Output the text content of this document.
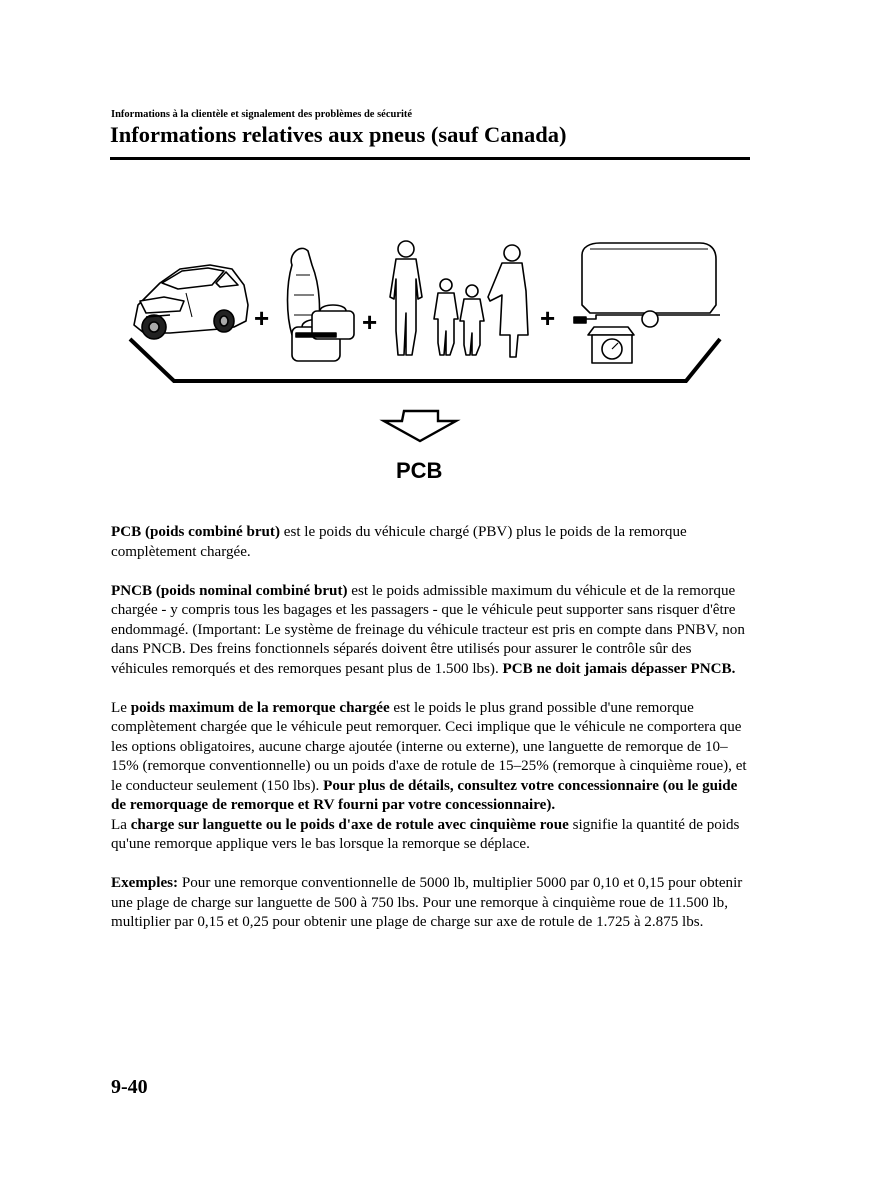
Informations à la clientèle et signalement des problèmes de sécurité
Informations relatives aux pneus (sauf Canada)
+	+	+
PCB

PCB (poids combiné brut) est le poids du véhicule chargé (PBV) plus le poids de la remorque complètement chargée.

PNCB (poids nominal combiné brut) est le poids admissible maximum du véhicule et de la remorque chargée - y compris tous les bagages et les passagers - que le véhicule peut supporter sans risquer d'être endommagé. (Important: Le système de freinage du véhicule tracteur est pris en compte dans PNBV, non dans PNCB. Des freins fonctionnels séparés doivent être utilisés pour assurer le contrôle sûr des véhicules remorqués et des remorques pesant plus de 1.500 lbs). PCB ne doit jamais dépasser PNCB.

Le poids maximum de la remorque chargée est le poids le plus grand possible d'une remorque complètement chargée que le véhicule peut remorquer. Ceci implique que le véhicule ne comportera que les options obligatoires, aucune charge ajoutée (interne ou externe), une languette de remorque de 10–15% (remorque conventionnelle) ou un poids d'axe de rotule de 15–25% (remorque à cinquième roue), et le conducteur seulement (150 lbs). Pour plus de détails, consultez votre concessionnaire (ou le guide de remorquage de remorque et RV fourni par votre concessionnaire).

La charge sur languette ou le poids d'axe de rotule avec cinquième roue signifie la quantité de poids qu'une remorque applique vers le bas lorsque la remorque se déplace.

Exemples: Pour une remorque conventionnelle de 5000 lb, multiplier 5000 par 0,10 et 0,15 pour obtenir une plage de charge sur languette de 500 à 750 lbs. Pour une remorque à cinquième roue de 11.500 lb, multiplier par 0,15 et 0,25 pour obtenir une plage de charge sur axe de rotule de 1.725 à 2.875 lbs.

9-40
